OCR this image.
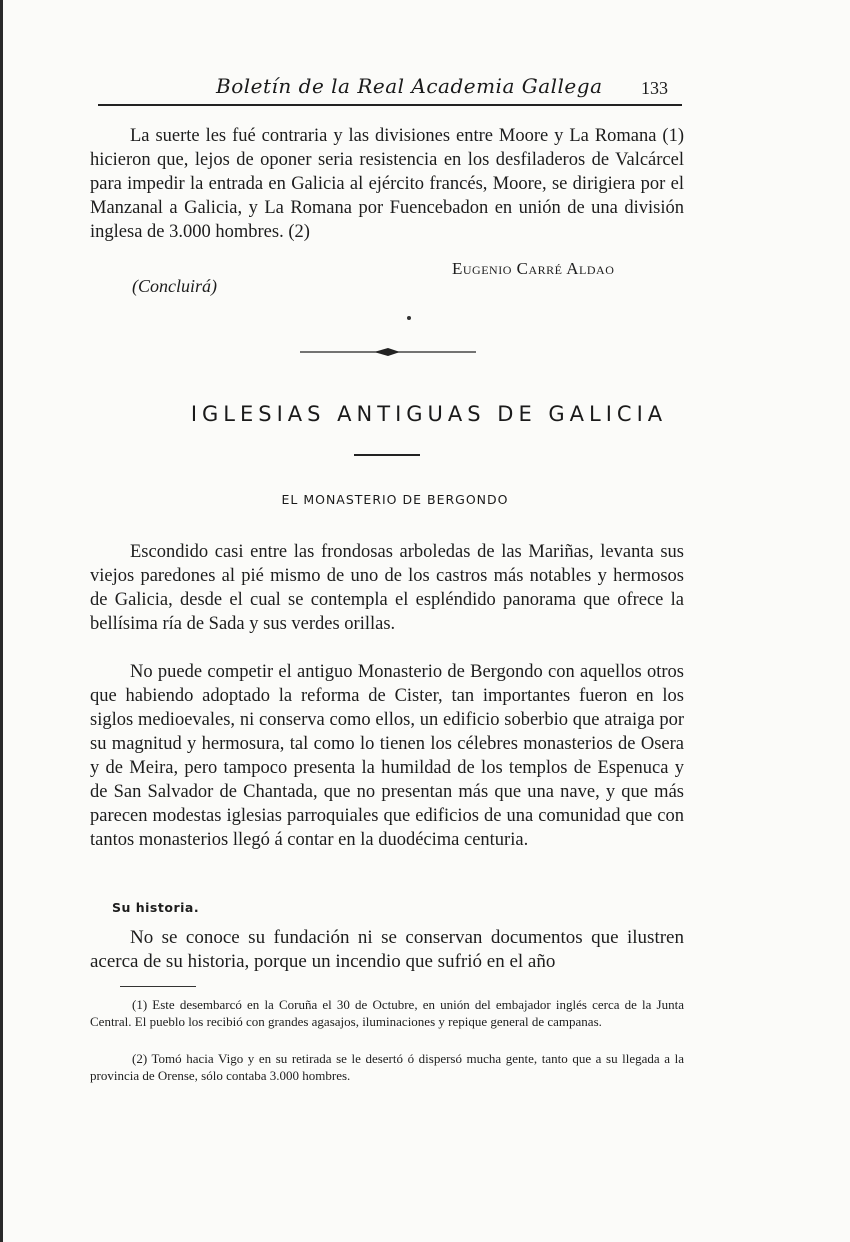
Boletín de la Real Academia Gallega 133

La suerte les fué contraria y las divisiones entre Moore y La Romana (1) hicieron que, lejos de oponer seria resistencia en los desfiladeros de Valcárcel para impedir la entrada en Galicia al ejército francés, Moore, se dirigiera por el Manzanal a Galicia, y La Romana por Fuencebadon en unión de una división inglesa de 3.000 hombres. (2)

Eugenio Carré Aldao
(Concluirá)
IGLESIAS ANTIGUAS DE GALICIA
EL MONASTERIO DE BERGONDO

Escondido casi entre las frondosas arboledas de las Mariñas, levanta sus viejos paredones al pié mismo de uno de los castros más notables y hermosos de Galicia, desde el cual se contempla el espléndido panorama que ofrece la bellísima ría de Sada y sus verdes orillas.

No puede competir el antiguo Monasterio de Bergondo con aquellos otros que habiendo adoptado la reforma de Cister, tan importantes fueron en los siglos medioevales, ni conserva como ellos, un edificio soberbio que atraiga por su magnitud y hermosura, tal como lo tienen los célebres monasterios de Osera y de Meira, pero tampoco presenta la humildad de los templos de Espenuca y de San Salvador de Chantada, que no presentan más que una nave, y que más parecen modestas iglesias parroquiales que edificios de una comunidad que con tantos monasterios llegó á contar en la duodécima centuria.

Su historia.

No se conoce su fundación ni se conservan documentos que ilustren acerca de su historia, porque un incendio que sufrió en el año

(1) Este desembarcó en la Coruña el 30 de Octubre, en unión del embajador inglés cerca de la Junta Central. El pueblo los recibió con grandes agasajos, iluminaciones y repique general de campanas.

(2) Tomó hacia Vigo y en su retirada se le desertó ó dispersó mucha gente, tanto que a su llegada a la provincia de Orense, sólo contaba 3.000 hombres.
